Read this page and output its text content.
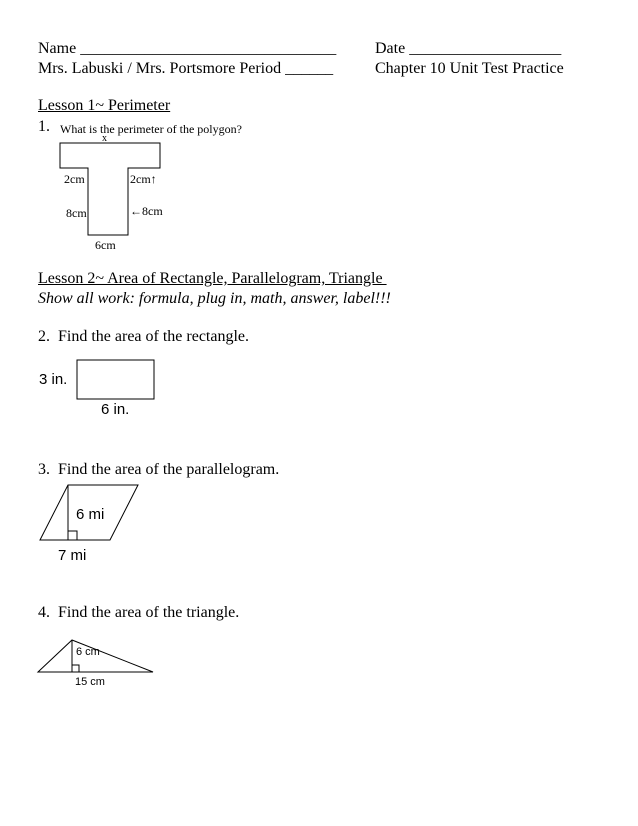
Name ________________________________ Date ___________________
Mrs. Labuski / Mrs. Portsmore Period ______	Chapter 10 Unit Test Practice
Lesson 1~ Perimeter
1. What is the perimeter of the polygon?
x
2cm	2cm↑
8cm	←8cm
6cm
Lesson 2~ Area of Rectangle, Parallelogram, Triangle
Show all work: formula, plug in, math, answer, label!!!
2.  Find the area of the rectangle.
3 in.
6 in.
3.  Find the area of the parallelogram.
6 mi
7 mi
4.  Find the area of the triangle.
6 cm
15 cm
